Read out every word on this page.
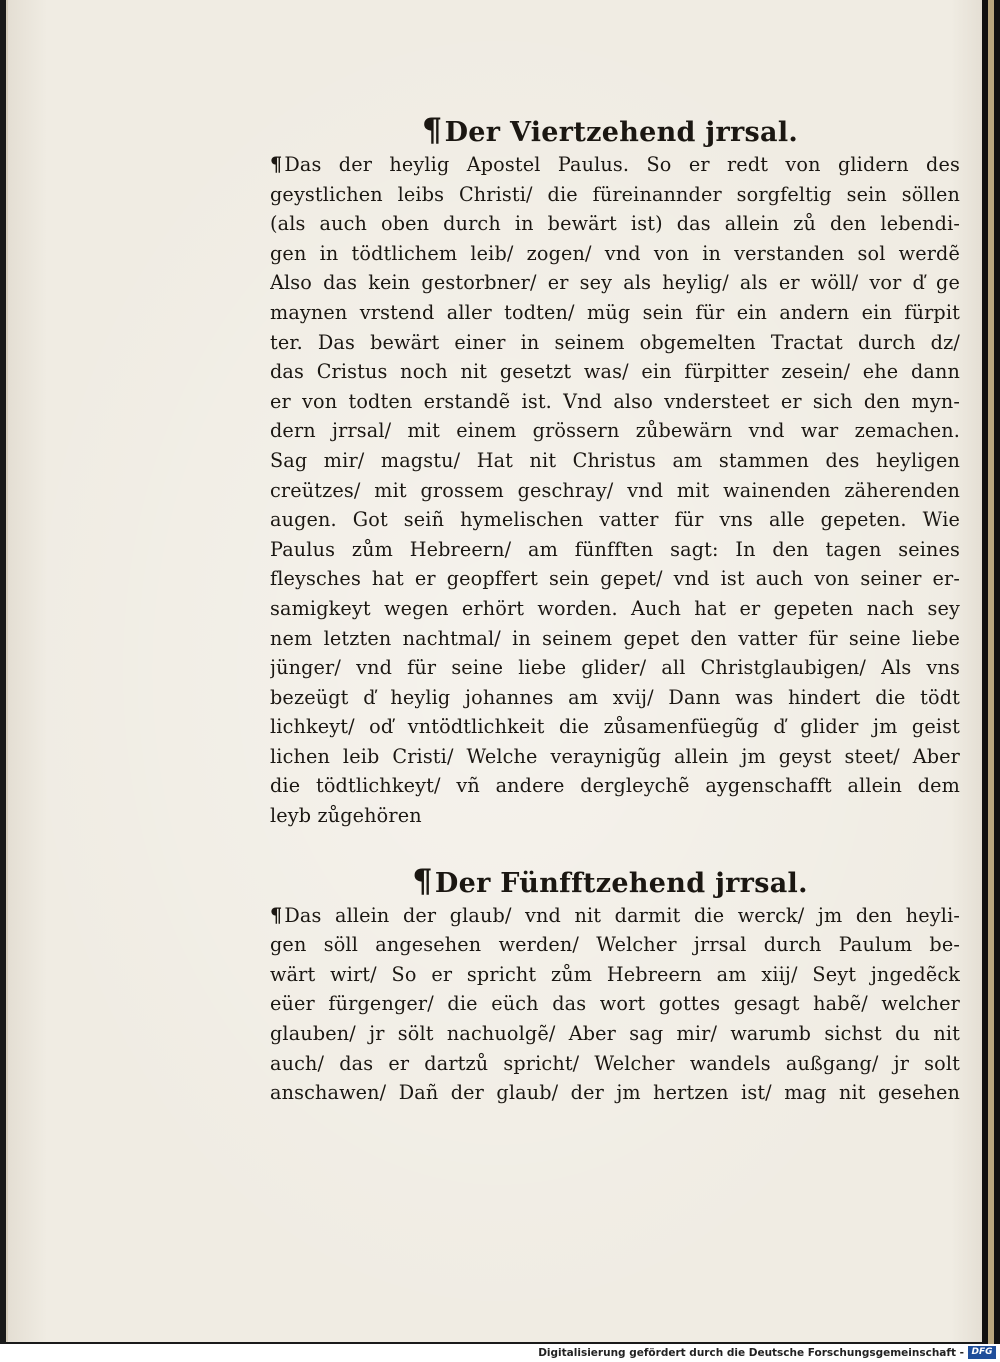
¶Der Viertzehend jrrsal.
¶ Das der heylig Apostel Paulus. So er redt von glidern des
geystlichen leibs Christi/ die füreinannder sorgfeltig sein söllen
(als auch oben durch in bewärt ist) das allein zů den lebendi-
gen in tödtlichem leib/ zogen/ vnd von in verstanden sol werdẽ
Also das kein gestorbner/ er sey als heylig/ als er wöll/ vor ď ge
maynen vrstend aller todten/ müg sein für ein andern ein fürpit
ter. Das bewärt einer in seinem obgemelten Tractat durch dz/
das Cristus noch nit gesetzt was/ ein fürpitter zesein/ ehe dann
er von todten erstandẽ ist. Vnd also vndersteet er sich den myn-
dern jrrsal/ mit einem grössern zůbewärn vnd war zemachen.
Sag mir/ magstu/ Hat nit Christus am stammen des heyligen
creützes/ mit grossem geschray/ vnd mit wainenden zäherenden
augen. Got seiñ hymelischen vatter für vns alle gepeten. Wie
Paulus zům Hebreern/ am fünfften sagt: In den tagen seines
fleysches hat er geopffert sein gepet/ vnd ist auch von seiner er-
samigkeyt wegen erhört worden. Auch hat er gepeten nach sey
nem letzten nachtmal/ in seinem gepet den vatter für seine liebe
jünger/ vnd für seine liebe glider/ all Christglaubigen/ Als vns
bezeügt ď heylig johannes am xvij/ Dann was hindert die tödt
lichkeyt/ oď vntödtlichkeit die zůsamenfüegũg ď glider jm geist
lichen leib Cristi/ Welche veraynigũg allein jm geyst steet/ Aber
die tödtlichkeyt/ vñ andere dergleychẽ aygenschafft allein dem
leyb zůgehören
¶Der Fünfftzehend jrrsal.
¶ Das allein der glaub/ vnd nit darmit die werck/ jm den heyli-
gen söll angesehen werden/ Welcher jrrsal durch Paulum be-
wärt wirt/ So er spricht zům Hebreern am xiij/ Seyt jngedẽck
eüer fürgenger/ die eüch das wort gottes gesagt habẽ/ welcher
glauben/ jr sölt nachuolgẽ/ Aber sag mir/ warumb sichst du nit
auch/ das er dartzů spricht/ Welcher wandels außgang/ jr solt
anschawen/ Dañ der glaub/ der jm hertzen ist/ mag nit gesehen
Digitalisierung gefördert durch die Deutsche Forschungsgemeinschaft - DFG
